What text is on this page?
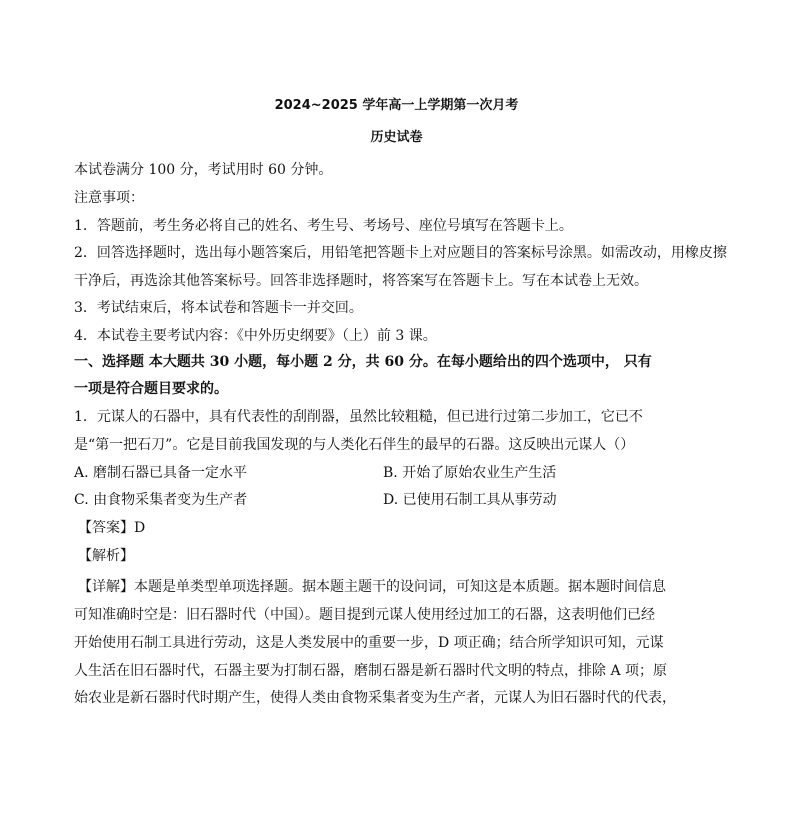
2024~2025 学年高一上学期第一次月考
历史试卷
本试卷满分 100 分，考试用时 60 分钟。
注意事项：
1．答题前，考生务必将自己的姓名、考生号、考场号、座位号填写在答题卡上。
2．回答选择题时，选出每小题答案后，用铅笔把答题卡上对应题目的答案标号涂黑。如需改动，用橡皮擦
干净后，再选涂其他答案标号。回答非选择题时，将答案写在答题卡上。写在本试卷上无效。
3．考试结束后，将本试卷和答题卡一并交回。
4．本试卷主要考试内容：《中外历史纲要》（上）前 3 课。
一、选择题 本大题共 30 小题，每小题 2 分，共 60 分。在每小题给出的四个选项中， 只有
一项是符合题目要求的。
1．元谋人的石器中，具有代表性的刮削器，虽然比较粗糙，但已进行过第二步加工，它已不
是“第一把石刀”。它是目前我国发现的与人类化石伴生的最早的石器。这反映出元谋人（）
A. 磨制石器已具备一定水平	B. 开始了原始农业生产生活
C. 由食物采集者变为生产者	D. 已使用石制工具从事劳动
【答案】D
【解析】
【详解】本题是单类型单项选择题。据本题主题干的设问词，可知这是本质题。据本题时间信息
可知准确时空是：旧石器时代（中国）。题目提到元谋人使用经过加工的石器，这表明他们已经
开始使用石制工具进行劳动，这是人类发展中的重要一步，D 项正确；结合所学知识可知，元谋
人生活在旧石器时代，石器主要为打制石器，磨制石器是新石器时代文明的特点，排除 A 项；原
始农业是新石器时代时期产生，使得人类由食物采集者变为生产者，元谋人为旧石器时代的代表，
